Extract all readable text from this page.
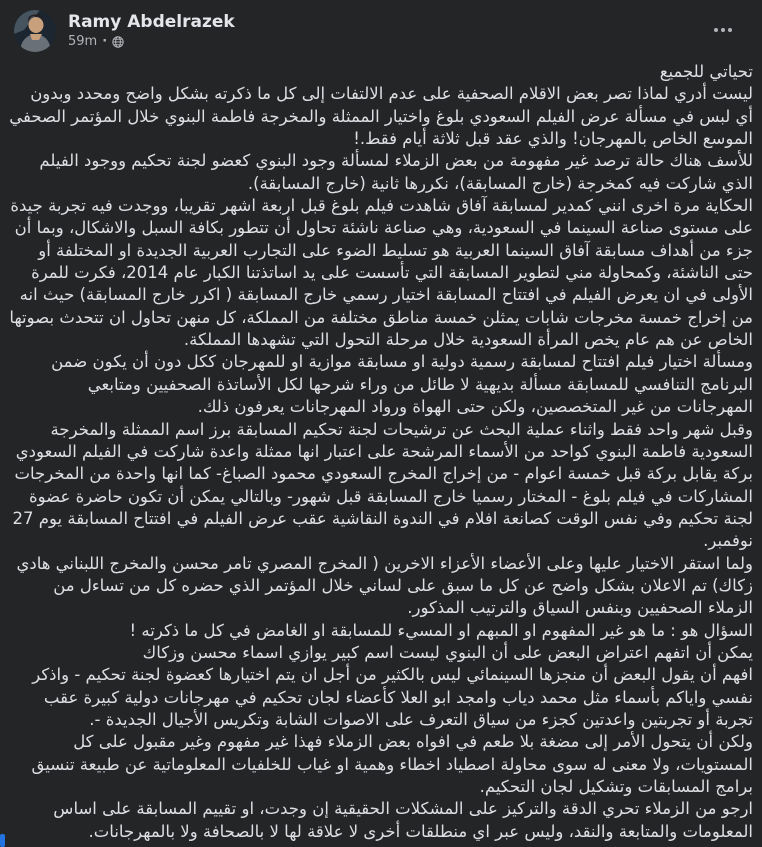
Ramy Abdelrazek
59m ·

تحياتي للجميع

ليست أدري لماذا تصر بعض الاقلام الصحفية على عدم الالتفات إلى كل ما ذكرته بشكل واضح ومحدد وبدون أي لبس في مسألة عرض الفيلم السعودي بلوغ واختيار الممثلة والمخرجة فاطمة البنوي خلال المؤتمر الصحفي الموسع الخاص بالمهرجان! والذي عقد قبل ثلاثة أيام فقط.!

للأسف هناك حالة ترصد غير مفهومة من بعض الزملاء لمسألة وجود البنوي كعضو لجنة تحكيم ووجود الفيلم الذي شاركت فيه كمخرجة (خارج المسابقة)، نكررها ثانية (خارج المسابقة).

الحكاية مرة اخرى انني كمدير لمسابقة آفاق شاهدت فيلم بلوغ قبل اربعة اشهر تقريبا، ووجدت فيه تجربة جيدة على مستوى صناعة السينما في السعودية، وهي صناعة ناشئة تحاول أن تتطور بكافة السبل والاشكال، وبما أن جزء من أهداف مسابقة آفاق السينما العربية هو تسليط الضوء على التجارب العربية الجديدة او المختلفة أو حتى الناشئة، وكمحاولة مني لتطوير المسابقة التي تأسست على يد اساتذتنا الكبار عام 2014، فكرت للمرة الأولى في ان يعرض الفيلم في افتتاح المسابقة اختيار رسمي خارج المسابقة ( اكرر خارج المسابقة) حيث انه من إخراج خمسة مخرجات شابات يمثلن خمسة مناطق مختلفة من المملكة، كل منهن تحاول ان تتحدث بصوتها الخاص عن هم عام يخص المرأة السعودية خلال مرحلة التحول التي تشهدها المملكة.

ومسألة اختيار فيلم افتتاح لمسابقة رسمية دولية او مسابقة موازية او للمهرجان ككل دون أن يكون ضمن البرنامج التنافسي للمسابقة مسألة بديهية لا طائل من وراء شرحها لكل الأساتذة الصحفيين ومتابعي المهرجانات من غير المتخصصين، ولكن حتى الهواة ورواد المهرجانات يعرفون ذلك.

وقبل شهر واحد فقط واثناء عملية البحث عن ترشيحات لجنة تحكيم المسابقة برز اسم الممثلة والمخرجة السعودية فاطمة البنوي كواحد من الأسماء المرشحة على اعتبار انها ممثلة واعدة شاركت في الفيلم السعودي بركة يقابل بركة قبل خمسة اعوام - من إخراج المخرج السعودي محمود الصباغ- كما انها واحدة من المخرجات المشاركات في فيلم بلوغ - المختار رسميا خارج المسابقة قبل شهور- وبالتالي يمكن أن تكون حاضرة عضوة لجنة تحكيم وفي نفس الوقت كصانعة افلام في الندوة النقاشية عقب عرض الفيلم في افتتاح المسابقة يوم 27 نوفمبر.

ولما استقر الاختيار عليها وعلى الأعضاء الأعزاء الاخرين ( المخرج المصري تامر محسن والمخرج اللبناني هادي زكاك) تم الاعلان بشكل واضح عن كل ما سبق على لساني خلال المؤتمر الذي حضره كل من تساءل من الزملاء الصحفيين وبنفس السياق والترتيب المذكور.

السؤال هو : ما هو غير المفهوم او المبهم او المسيء للمسابقة او الغامض في كل ما ذكرته !

يمكن أن اتفهم اعتراض البعض على أن البنوي ليست اسم كبير يوازي اسماء محسن وزكاك

افهم أن يقول البعض أن منجزها السينمائي ليس بالكثير من أجل ان يتم اختيارها كعضوة لجنة تحكيم - واذكر نفسي واياكم بأسماء مثل محمد دياب وامجد ابو العلا كأعضاء لجان تحكيم في مهرجانات دولية كبيرة عقب تجربة أو تجربتين واعدتين كجزء من سياق التعرف على الاصوات الشابة وتكريس الأجيال الجديدة -.

ولكن أن يتحول الأمر إلى مضغة بلا طعم في افواه بعض الزملاء فهذا غير مفهوم وغير مقبول على كل المستويات، ولا معنى له سوى محاولة اصطياد اخطاء وهمية او غياب للخلفيات المعلوماتية عن طبيعة تنسيق برامج المسابقات وتشكيل لجان التحكيم.

ارجو من الزملاء تحري الدقة والتركيز على المشكلات الحقيقية إن وجدت، او تقييم المسابقة على اساس المعلومات والمتابعة والنقد، وليس عبر اي منطلقات أخرى لا علاقة لها لا بالصحافة ولا بالمهرجانات.
